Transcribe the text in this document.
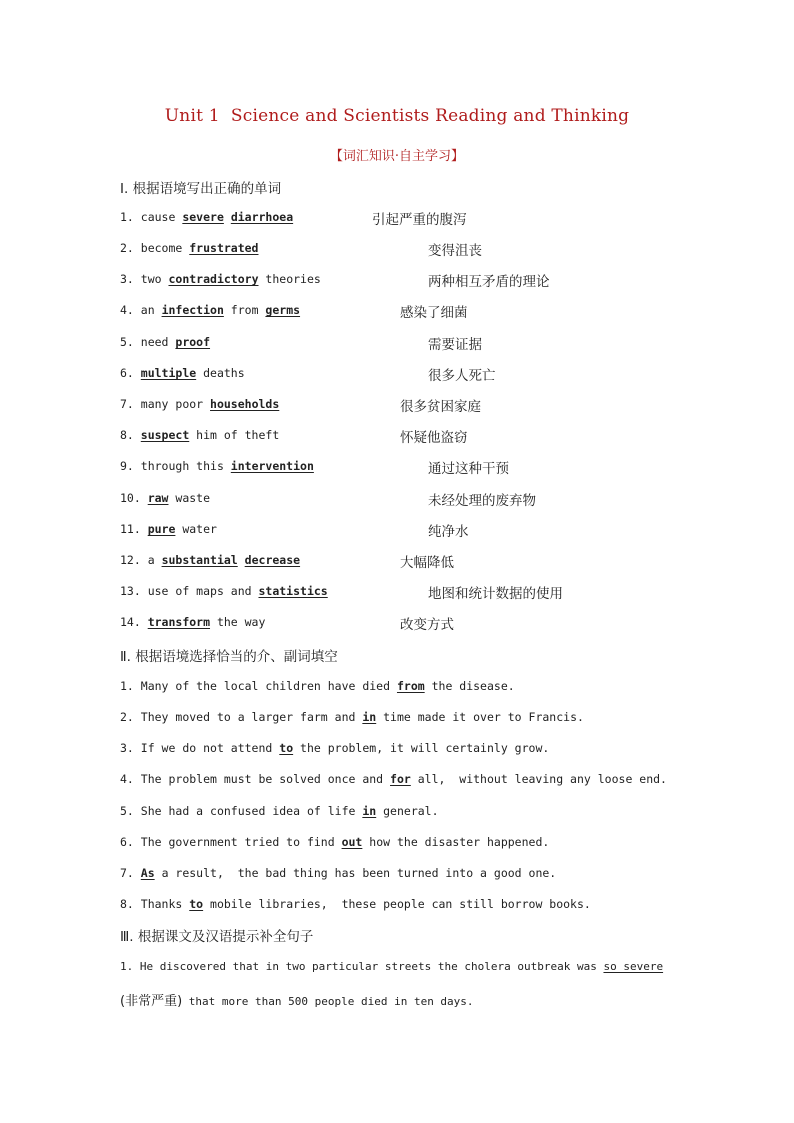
Unit 1  Science and Scientists Reading and Thinking
【词汇知识·自主学习】
Ⅰ. 根据语境写出正确的单词
1. cause severe diarrhoea	引起严重的腹泻
2. become frustrated	变得沮丧
3. two contradictory theories	两种相互矛盾的理论
4. an infection from germs	感染了细菌
5. need proof	需要证据
6. multiple deaths	很多人死亡
7. many poor households	很多贫困家庭
8. suspect him of theft	怀疑他盗窃
9. through this intervention	通过这种干预
10. raw waste	未经处理的废弃物
11. pure water	纯净水
12. a substantial decrease	大幅降低
13. use of maps and statistics	地图和统计数据的使用
14. transform the way	改变方式
Ⅱ. 根据语境选择恰当的介、副词填空
1. Many of the local children have died from the disease.
2. They moved to a larger farm and in time made it over to Francis.
3. If we do not attend to the problem, it will certainly grow.
4. The problem must be solved once and for all,  without leaving any loose end.
5. She had a confused idea of life in general.
6. The government tried to find out how the disaster happened.
7. As a result,  the bad thing has been turned into a good one.
8. Thanks to mobile libraries,  these people can still borrow books.
Ⅲ. 根据课文及汉语提示补全句子
1. He discovered that in two particular streets the cholera outbreak was so severe
(非常严重) that more than 500 people died in ten days.
